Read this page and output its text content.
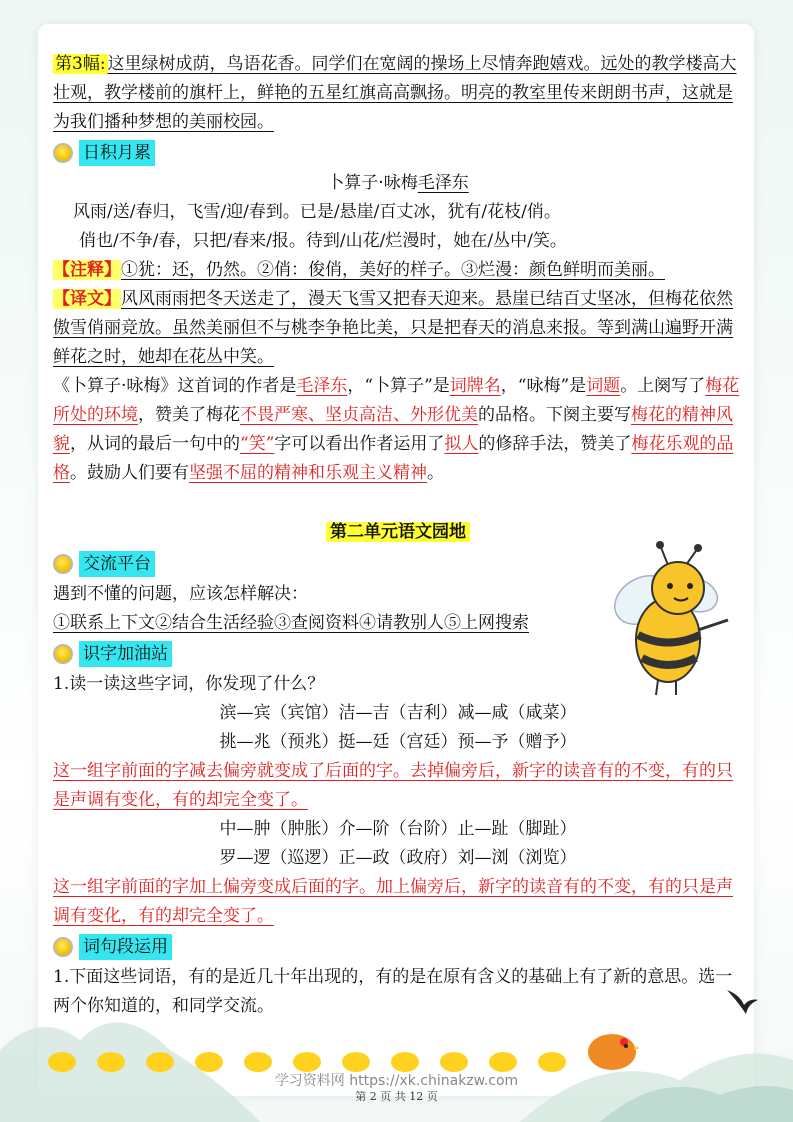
第3幅: 这里绿树成荫，鸟语花香。同学们在宽阔的操场上尽情奔跑嬉戏。远处的教学楼高大壮观，教学楼前的旗杆上，鲜艳的五星红旗高高飘扬。明亮的教室里传来朗朗书声，这就是为我们播种梦想的美丽校园。

日积月累

卜算子·咏梅毛泽东

风雨/送/春归，飞雪/迎/春到。已是/悬崖/百丈冰，犹有/花枝/俏。

俏也/不争/春，只把/春来/报。待到/山花/烂漫时，她在/丛中/笑。

【注释】①犹：还，仍然。②俏：俊俏，美好的样子。③烂漫：颜色鲜明而美丽。

【译文】风风雨雨把冬天送走了，漫天飞雪又把春天迎来。悬崖已结百丈坚冰，但梅花依然傲雪俏丽竞放。虽然美丽但不与桃李争艳比美，只是把春天的消息来报。等到满山遍野开满鲜花之时，她却在花丛中笑。

《卜算子·咏梅》这首词的作者是毛泽东，“卜算子”是词牌名，“咏梅”是词题。上阕写了梅花所处的环境，赞美了梅花不畏严寒、坚贞高洁、外形优美的品格。下阕主要写梅花的精神风貌，从词的最后一句中的“笑”字可以看出作者运用了拟人的修辞手法，赞美了梅花乐观的品格。鼓励人们要有坚强不屈的精神和乐观主义精神。

第二单元语文园地

交流平台

遇到不懂的问题，应该怎样解决：

①联系上下文②结合生活经验③查阅资料④请教别人⑤上网搜索

识字加油站

1.读一读这些字词，你发现了什么？

滨—宾（宾馆）洁—吉（吉利）减—咸（咸菜）

挑—兆（预兆）挺—廷（宫廷）预—予（赠予）

这一组字前面的字减去偏旁就变成了后面的字。去掉偏旁后，新字的读音有的不变，有的只是声调有变化，有的却完全变了。

中—肿（肿胀）介—阶（台阶）止—趾（脚趾）

罗—逻（巡逻）正—政（政府）刘—浏（浏览）

这一组字前面的字加上偏旁变成后面的字。加上偏旁后，新字的读音有的不变，有的只是声调有变化，有的却完全变了。

词句段运用

1.下面这些词语，有的是近几十年出现的，有的是在原有含义的基础上有了新的意思。选一两个你知道的，和同学交流。

学习资料网 https://xk.chinakzw.com
第 2 页 共 12 页
